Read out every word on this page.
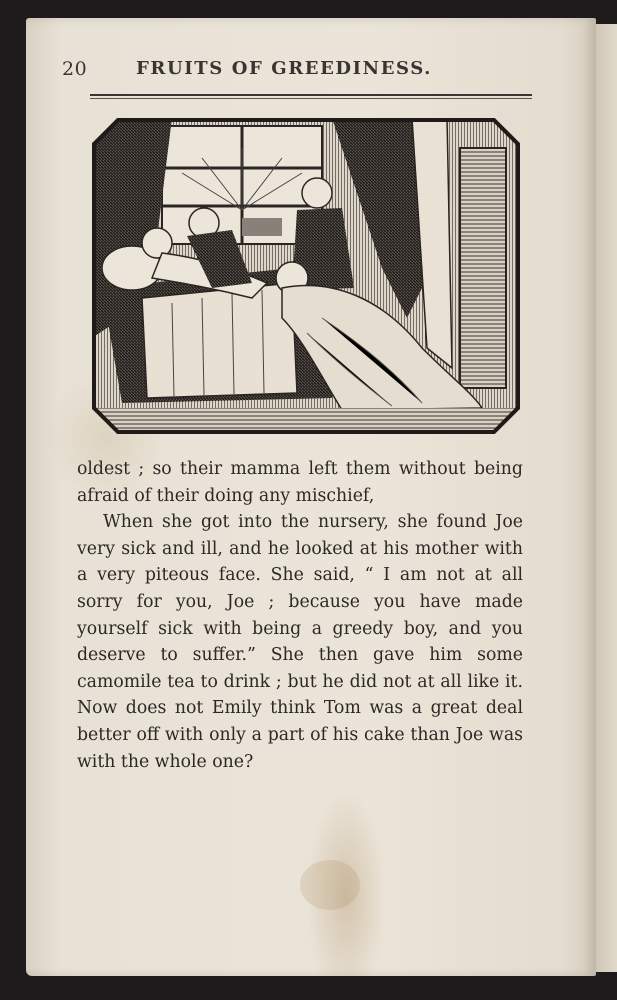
20	FRUITS OF GREEDINESS.

oldest ; so their mamma left them without being afraid of their doing any mischief,

When she got into the nursery, she found Joe very sick and ill, and he looked at his mother with a very piteous face. She said, “ I am not at all sorry for you, Joe ; because you have made yourself sick with being a greedy boy, and you deserve to suffer.” She then gave him some camomile tea to drink ; but he did not at all like it. Now does not Emily think Tom was a great deal better off with only a part of his cake than Joe was with the whole one?
